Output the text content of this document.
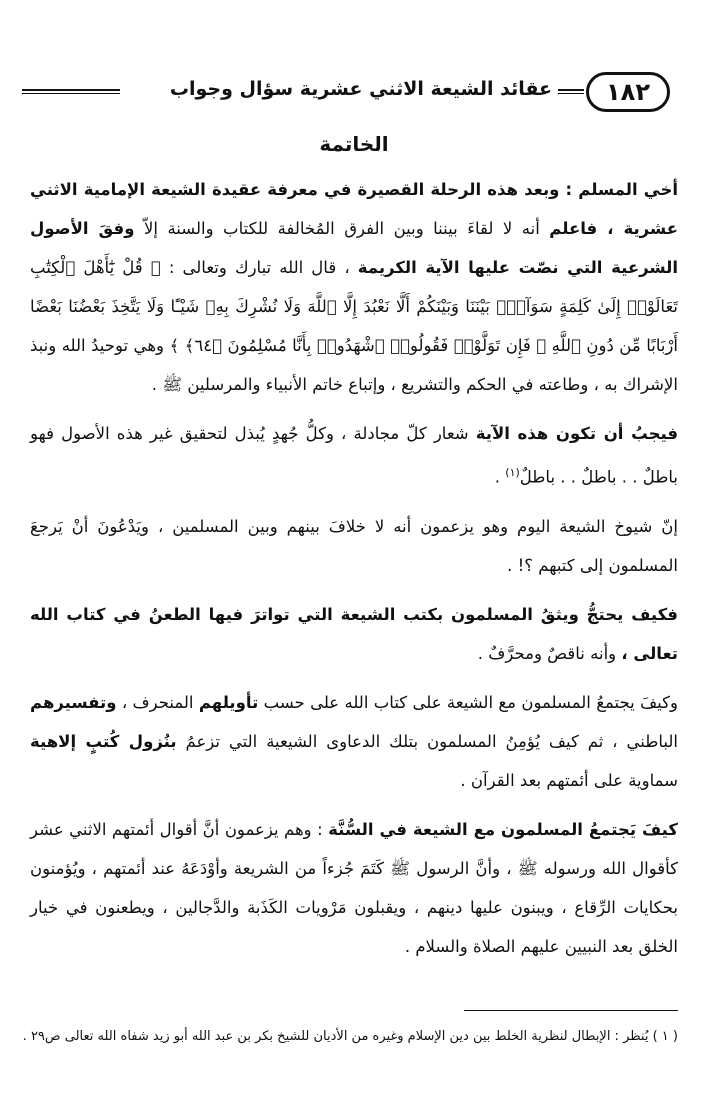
١٨٢
عقائد الشيعة الاثني عشرية سؤال وجواب
الخاتمة

أخي المسلم : وبعد هذه الرحلة القصيرة في معرفة عقيدة الشيعة الإمامية الاثني عشرية ، فاعلم أنه لا لقاءَ بيننا وبين الفرق المُخالفة للكتاب والسنة إلاّ وفقَ الأصول الشرعية التي نصّت عليها الآية الكريمة ، قال الله تبارك وتعالى : ﴿ قُلْ يَٰٓأَهْلَ ٱلْكِتَٰبِ تَعَالَوْا۟ إِلَىٰ كَلِمَةٍ سَوَآءٍۭ بَيْنَنَا وَبَيْنَكُمْ أَلَّا نَعْبُدَ إِلَّا ٱللَّهَ وَلَا نُشْرِكَ بِهِۦ شَيْـًٔا وَلَا يَتَّخِذَ بَعْضُنَا بَعْضًا أَرْبَابًا مِّن دُونِ ٱللَّهِ ۚ فَإِن تَوَلَّوْا۟ فَقُولُوا۟ ٱشْهَدُوا۟ بِأَنَّا مُسْلِمُونَ ﴿٦٤﴾ ﴾ وهي توحيدُ الله ونبذ الإشراك به ، وطاعته في الحكم والتشريع ، وإتباع خاتم الأنبياء والمرسلين ﷺ .

فيجبُ أن تكون هذه الآية شعار كلّ مجادلة ، وكلُّ جُهدٍ يُبذل لتحقيق غير هذه الأصول فهو باطلٌ . . باطلٌ . . باطلٌ$^{(١)}$ .

إنّ شيوخ الشيعة اليوم وهو يزعمون أنه لا خلافَ بينهم وبين المسلمين ، ويَدْعُونَ أنْ يَرجعَ المسلمون إلى كتبهم ؟! .

فكيف يحتجُّ ويثقُ المسلمون بكتب الشيعة التي تواترَ فيها الطعنُ في كتاب الله تعالى ، وأنه ناقصٌ ومحرَّفٌ .

وكيفَ يجتمعُ المسلمون مع الشيعة على كتاب الله على حسب تأويلهم المنحرف ، وتفسيرهم الباطني ، ثم كيف يُؤمِنُ المسلمون بتلك الدعاوى الشيعية التي تزعمُ بنُزول كُتبٍ إلاهية سماوية على أئمتهم بعد القرآن .

كيفَ يَجتمعُ المسلمون مع الشيعة في السُّنَّة : وهم يزعمون أنَّ أقوال أئمتهم الاثني عشر كأقوال الله ورسوله ﷺ ، وأنَّ الرسول ﷺ كَتَمَ جُزءاً من الشريعة وأوْدَعَهُ عند أئمتهم ، ويُؤمنون بحكايات الرِّقاع ، ويبنون عليها دينهم ، ويقبلون مَرْويات الكَذَبة والدَّجالين ، ويطعنون في خيار الخلق بعد النبيين عليهم الصلاة والسلام .

( ١ ) يُنظر : الإبطال لنظرية الخلط بين دين الإسلام وغيره من الأديان للشيخ بكر بن عبد الله أبو زيد شفاه الله تعالى ص٢٩ .
